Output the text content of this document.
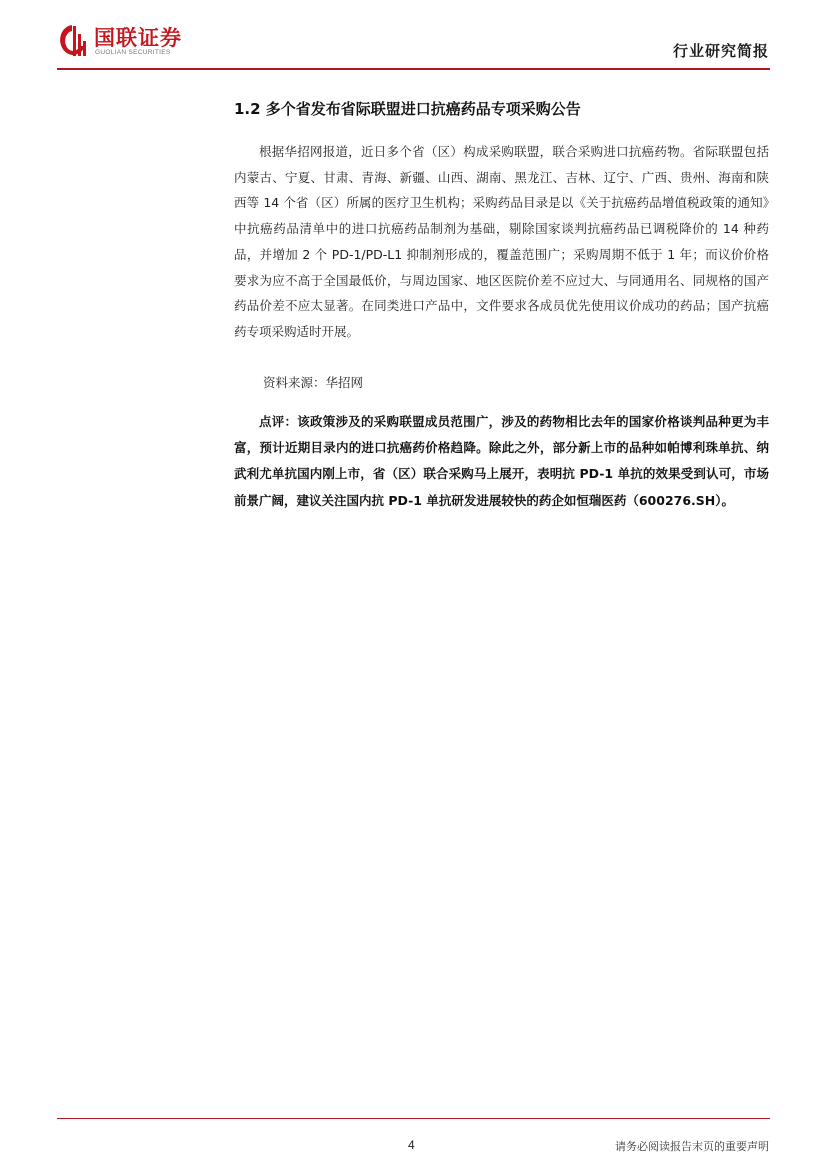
国联证券
GUOLIAN SECURITIES	行业研究简报
1.2 多个省发布省际联盟进口抗癌药品专项采购公告

根据华招网报道，近日多个省（区）构成采购联盟，联合采购进口抗癌药物。省际联盟包括内蒙古、宁夏、甘肃、青海、新疆、山西、湖南、黑龙江、吉林、辽宁、广西、贵州、海南和陕西等 14 个省（区）所属的医疗卫生机构；采购药品目录是以《关于抗癌药品增值税政策的通知》中抗癌药品清单中的进口抗癌药品制剂为基础，剔除国家谈判抗癌药品已调税降价的 14 种药品，并增加 2 个 PD-1/PD-L1 抑制剂形成的，覆盖范围广；采购周期不低于 1 年；而议价价格要求为应不高于全国最低价，与周边国家、地区医院价差不应过大、与同通用名、同规格的国产药品价差不应太显著。在同类进口产品中，文件要求各成员优先使用议价成功的药品；国产抗癌药专项采购适时开展。

资料来源：华招网

点评：该政策涉及的采购联盟成员范围广，涉及的药物相比去年的国家价格谈判品种更为丰富，预计近期目录内的进口抗癌药价格趋降。除此之外，部分新上市的品种如帕博利珠单抗、纳武利尤单抗国内刚上市，省（区）联合采购马上展开，表明抗 PD-1 单抗的效果受到认可，市场前景广阔，建议关注国内抗 PD-1 单抗研发进展较快的药企如恒瑞医药（600276.SH）。

4	请务必阅读报告末页的重要声明
